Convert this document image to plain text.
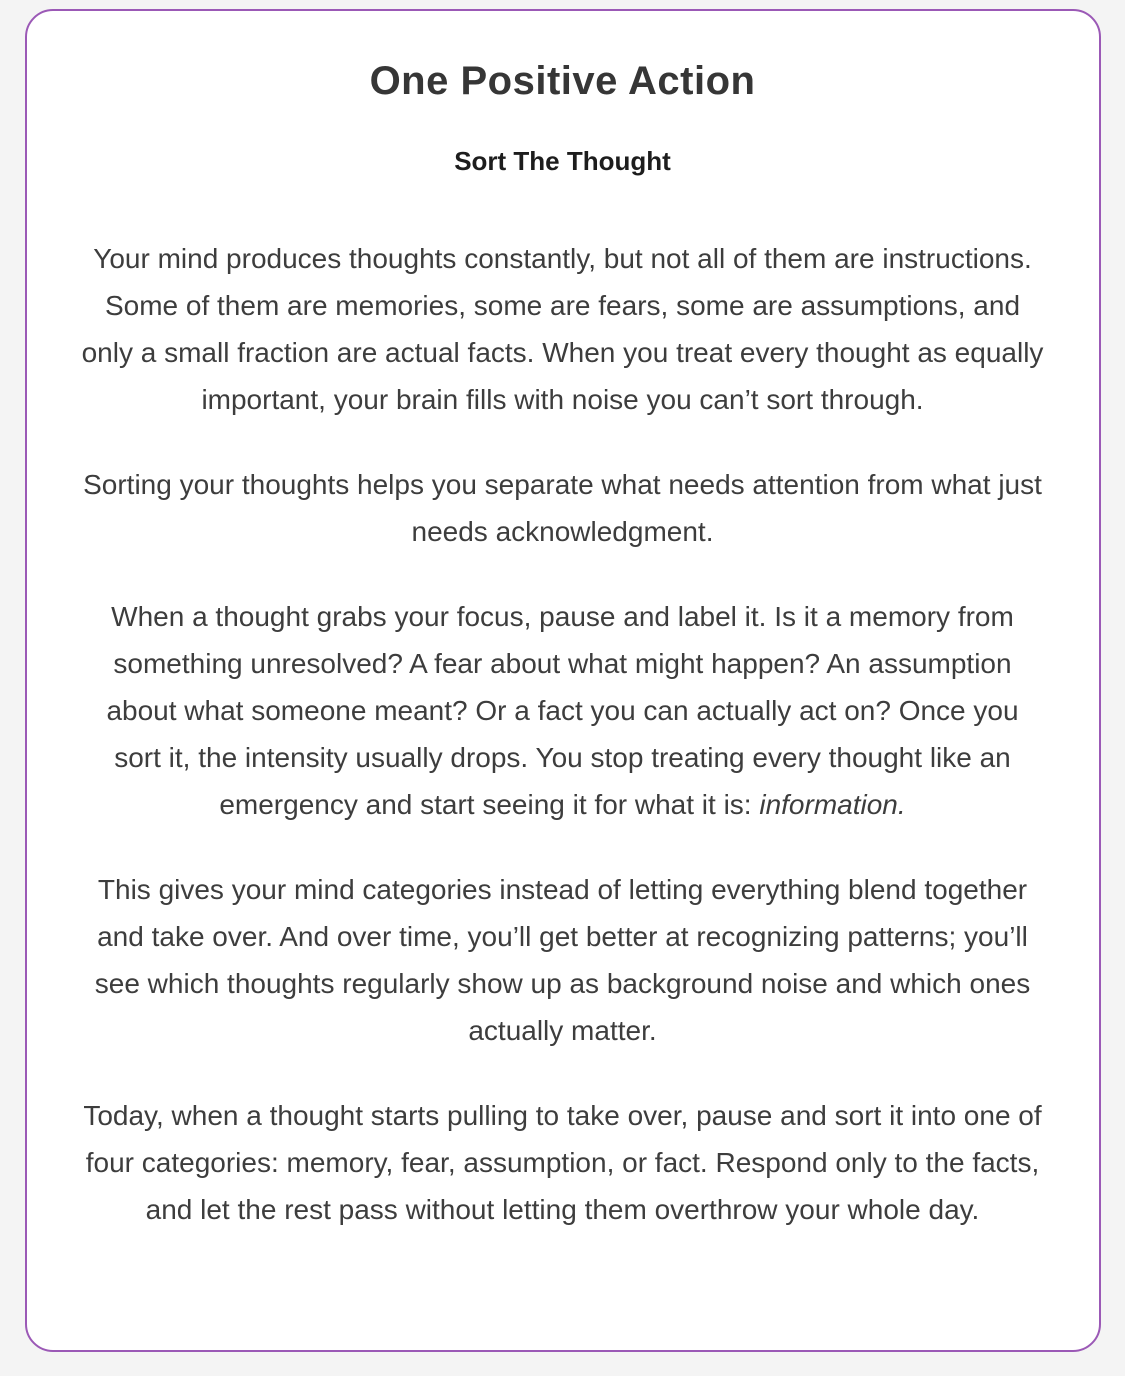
One Positive Action
Sort The Thought

Your mind produces thoughts constantly, but not all of them are instructions. Some of them are memories, some are fears, some are assumptions, and only a small fraction are actual facts. When you treat every thought as equally important, your brain fills with noise you can’t sort through.

Sorting your thoughts helps you separate what needs attention from what just needs acknowledgment.

When a thought grabs your focus, pause and label it. Is it a memory from something unresolved? A fear about what might happen? An assumption about what someone meant? Or a fact you can actually act on? Once you sort it, the intensity usually drops. You stop treating every thought like an emergency and start seeing it for what it is: information.

This gives your mind categories instead of letting everything blend together and take over. And over time, you’ll get better at recognizing patterns; you’ll see which thoughts regularly show up as background noise and which ones actually matter.

Today, when a thought starts pulling to take over, pause and sort it into one of four categories: memory, fear, assumption, or fact. Respond only to the facts, and let the rest pass without letting them overthrow your whole day.
